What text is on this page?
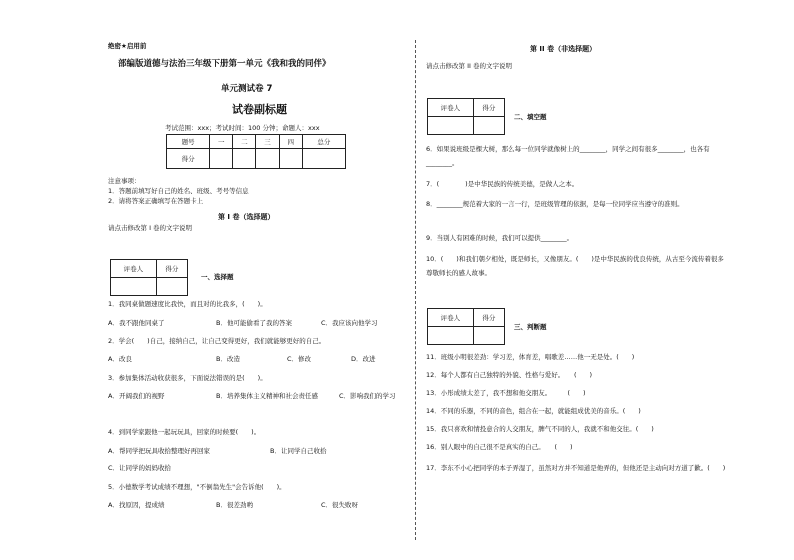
绝密★启用前
部编版道德与法治三年级下册第一单元《我和我的同伴》
单元测试卷 7
试卷副标题
考试范围：xxx；考试时间：100 分钟；命题人：xxx
题号	一	二	三	四	总分
得分					
注意事项：
1．答题前填写好自己的姓名、班级、考号等信息
2．请将答案正确填写在答题卡上
第 I 卷（选择题）
请点击修改第 I 卷的文字说明
评卷人	得分

一、选择题
1．我同桌做题速度比我快，而且对的比我多，(　　)。
A．我不跟他同桌了	B．他可能偷看了我的答案	C．我应该向他学习
2．学会(　　)自己，接纳自己，让自己变得更好，我们就能够更好的自己。
A．改良	B．改造	C．修改	D．改进
3．参加集体活动收获很多，下面说法错误的是(　　)。
A．开阔我们的视野	B．培养集体主义精神和社会责任感	C．影响我们的学习
4．到同学家跟他一起玩玩具，回家的时候要(　　)。
A．帮同学把玩具收拾整理好再回家	B．让同学自己收拾
C．让同学的妈妈收拾
5．小德数学考试成绩不理想，"不倒翁先生"会告诉他(　　)。
A．找原因，提成绩	B．很差劲哟	C．很失败呀
第 II 卷（非选择题）
请点击修改第 II 卷的文字说明
评卷人	得分

二、填空题
6．如果说班级是棵大树，那么每一位同学就像树上的________，同学之间有很多________，也各有________。
7．(　　　　)是中华民族的传统美德，是做人之本。
8．________规范着大家的一言一行，是班级管理的依据，是每一位同学应当遵守的准则。
9．当别人有困难的时候，我们可以提供________。
10．(　　)和我们朝夕相处，既是师长，又像朋友。(　　)是中华民族的优良传统，从古至今流传着很多尊敬师长的感人故事。
评卷人	得分

三、判断题
11．班级小明很差劲：学习差，体育差，唱歌差……他一无是处。(　　)
12．每个人都有自己独特的外貌、性格与爱好。　　(　　)
13．小彤成绩太差了，我不想和他交朋友。　　　(　　)
14．不同的乐器，不同的音色，组合在一起，就能组成优美的音乐。(　　)
15．我只喜欢和情投意合的人交朋友，脾气不同的人，我就不和他交往。(　　)
16．别人眼中的自己很不是真实的自己。　　(　　)
17．李东不小心把同学的本子弄湿了，虽然对方并不知道是他弄的，但他还是主动向对方道了歉。(　　)
